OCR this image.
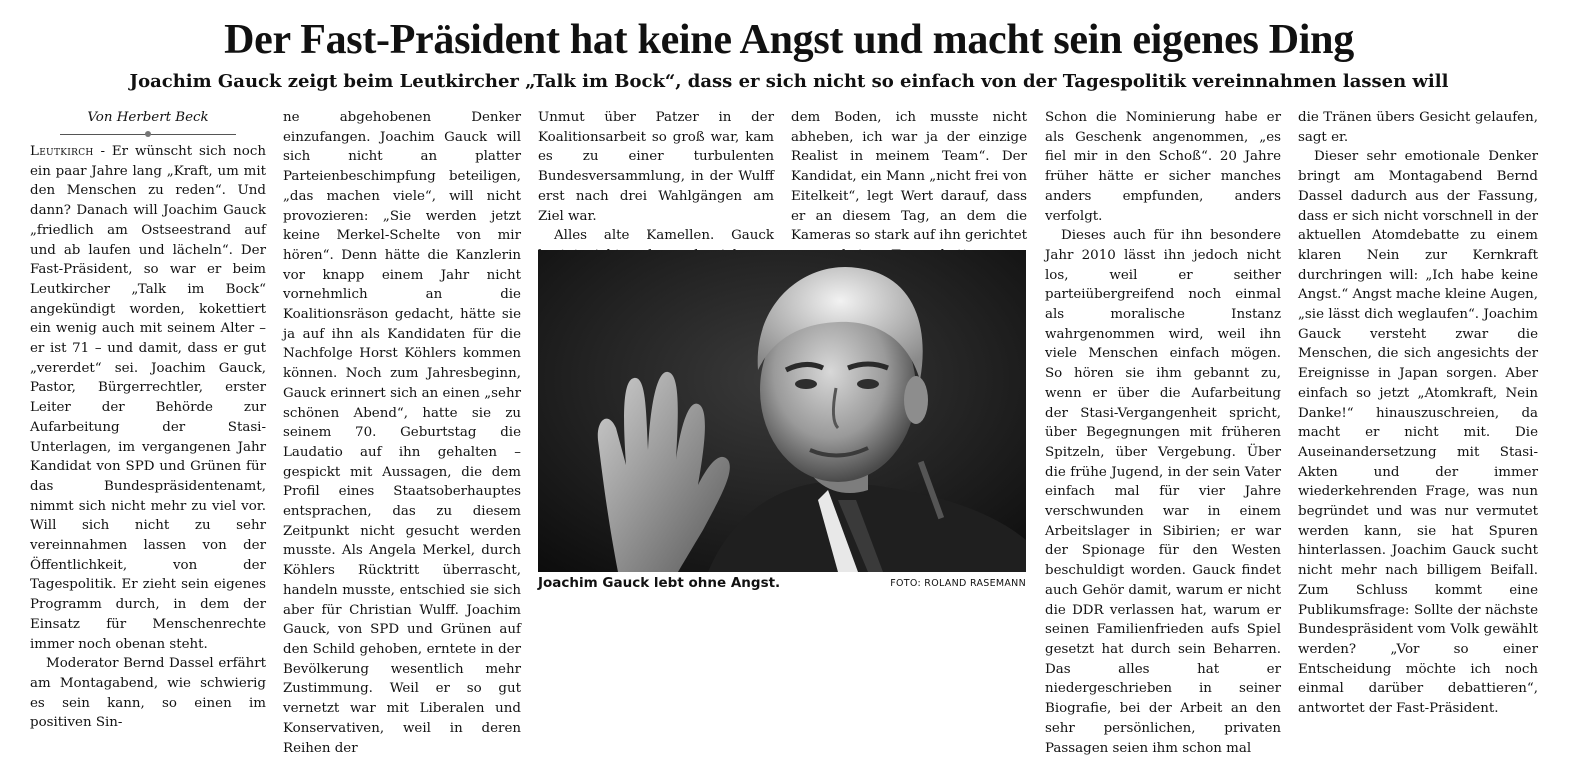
Der Fast-Präsident hat keine Angst und macht sein eigenes Ding
Joachim Gauck zeigt beim Leutkircher „Talk im Bock“, dass er sich nicht so einfach von der Tagespolitik vereinnahmen lassen will
Von Herbert Beck

Leutkirch - Er wünscht sich noch ein paar Jahre lang „Kraft, um mit den Menschen zu reden“. Und dann? Danach will Joachim Gauck „friedlich am Ostseestrand auf und ab laufen und lächeln“. Der Fast-Präsident, so war er beim Leutkircher „Talk im Bock“ angekündigt worden, kokettiert ein wenig auch mit seinem Alter – er ist 71 – und damit, dass er gut „vererdet“ sei. Joachim Gauck, Pastor, Bürgerrechtler, erster Leiter der Behörde zur Aufarbeitung der Stasi-Unterlagen, im vergangenen Jahr Kandidat von SPD und Grünen für das Bundespräsidentenamt, nimmt sich nicht mehr zu viel vor. Will sich nicht zu sehr vereinnahmen lassen von der Öffentlichkeit, von der Tagespolitik. Er zieht sein eigenes Programm durch, in dem der Einsatz für Menschenrechte immer noch obenan steht.

Moderator Bernd Dassel erfährt am Montagabend, wie schwierig es sein kann, so einen im positiven Sin-

ne abgehobenen Denker einzufangen. Joachim Gauck will sich nicht an platter Parteienbeschimpfung beteiligen, „das machen viele“, will nicht provozieren: „Sie werden jetzt keine Merkel-Schelte von mir hören“. Denn hätte die Kanzlerin vor knapp einem Jahr nicht vornehmlich an die Koalitionsräson gedacht, hätte sie ja auf ihn als Kandidaten für die Nachfolge Horst Köhlers kommen können. Noch zum Jahresbeginn, Gauck erinnert sich an einen „sehr schönen Abend“, hatte sie zu seinem 70. Geburtstag die Laudatio auf ihn gehalten – gespickt mit Aussagen, die dem Profil eines Staatsoberhauptes entsprachen, das zu diesem Zeitpunkt nicht gesucht werden musste. Als Angela Merkel, durch Köhlers Rücktritt überrascht, handeln musste, entschied sie sich aber für Christian Wulff. Joachim Gauck, von SPD und Grünen auf den Schild gehoben, erntete in der Bevölkerung wesentlich mehr Zustimmung. Weil er so gut vernetzt war mit Liberalen und Konservativen, weil in deren Reihen der

Unmut über Patzer in der Koalitionsarbeit so groß war, kam es zu einer turbulenten Bundesversammlung, in der Wulff erst nach drei Wahlgängen am Ziel war.

Alles alte Kamellen. Gauck

dem Boden, ich musste nicht abheben, ich war ja der einzige Realist in meinem Team“. Der Kandidat, ein Mann „nicht frei von Eitelkeit“, legt Wert darauf, dass er an diesem Tag, an dem die Kameras so stark auf ihn gerichtet

Schon die Nominierung habe er als Geschenk angenommen, „es fiel mir in den Schoß“. 20 Jahre früher hätte er sicher manches anders empfunden, anders verfolgt.

Dieses auch für ihn besondere Jahr 2010 lässt ihn jedoch nicht los, weil er seither parteiübergreifend noch einmal als moralische Instanz wahrgenommen wird, weil ihn viele Menschen einfach mögen. So hören sie ihm gebannt zu, wenn er über die Aufarbeitung der Stasi-Vergangenheit spricht, über Begegnungen mit früheren Spitzeln, über Vergebung. Über die frühe Jugend, in der sein Vater einfach mal für vier Jahre verschwunden war in einem Arbeitslager in Sibirien; er war der Spionage für den Westen beschuldigt worden. Gauck findet auch Gehör damit, warum er nicht die DDR verlassen hat, warum er seinen Familienfrieden aufs Spiel gesetzt hat durch sein Beharren. Das alles hat er niedergeschrieben in seiner Biografie, bei der Arbeit an den sehr persönlichen, privaten Passagen seien ihm schon mal

die Tränen übers Gesicht gelaufen, sagt er.

Dieser sehr emotionale Denker bringt am Montagabend Bernd Dassel dadurch aus der Fassung, dass er sich nicht vorschnell in der aktuellen Atomdebatte zu einem klaren Nein zur Kernkraft durchringen will: „Ich habe keine Angst.“ Angst mache kleine Augen, „sie lässt dich weglaufen“. Joachim Gauck versteht zwar die Menschen, die sich angesichts der Ereignisse in Japan sorgen. Aber einfach so jetzt „Atomkraft, Nein Danke!“ hinauszuschreien, da macht er nicht mit. Die Auseinandersetzung mit Stasi-Akten und der immer wiederkehrenden Frage, was nun begründet und was nur vermutet werden kann, sie hat Spuren hinterlassen. Joachim Gauck sucht nicht mehr nach billigem Beifall. Zum Schluss kommt eine Publikumsfrage: Sollte der nächste Bundespräsident vom Volk gewählt werden? „Vor so einer Entscheidung möchte ich noch einmal darüber debattieren“, antwortet der Fast-Präsident.

Joachim Gauck lebt ohne Angst.	FOTO: ROLAND RASEMANN
